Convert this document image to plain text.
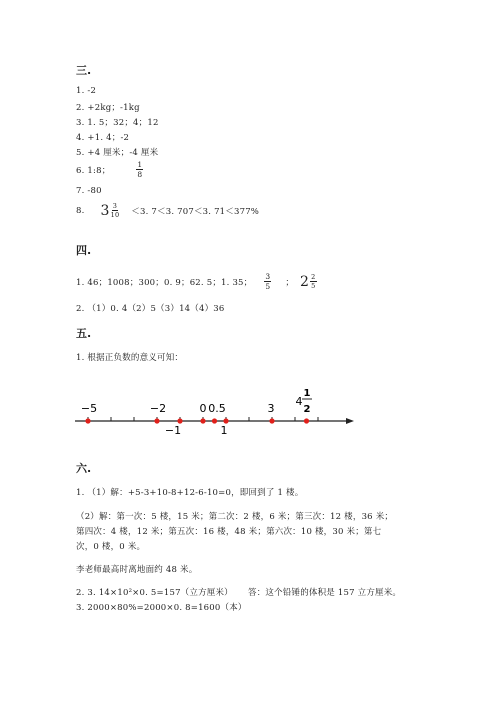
三.
1. -2
2. +2kg；-1kg
3. 1. 5；32；4；12
4. +1. 4；-2
5. +4 厘米；-4 厘米
6. 1:8；	$\frac{1}{8}$
7. -80
8. $3 \frac{3}{10} <3$. 7＜3. 707＜3. 71＜377%
四.
1. 46；1008；300；0. 9；62. 5；1. 35； $\frac{3}{5}$ ； $2 \frac{2}{5}$
2. （1）0. 4（2）5（3）14（4）36
五.
1. 根据正负数的意义可知：
−5	−2	0 0.5	3
4
1
2
−1	1
六.
1. （1）解：+5-3+10-8+12-6-10=0，即回到了 1 楼。
（2）解：第一次：5 楼，15 米；第二次：2 楼，6 米；第三次：12 楼，36 米；
第四次：4 楼，12 米；第五次：16 楼，48 米；第六次：10 楼，30 米；第七
次，0 楼，0 米。
李老师最高时离地面约 48 米。
2. 3. 14×10²×0. 5=157（立方厘米） 答：这个铅锤的体积是 157 立方厘米。
3. 2000×80%=2000×0. 8=1600（本）
